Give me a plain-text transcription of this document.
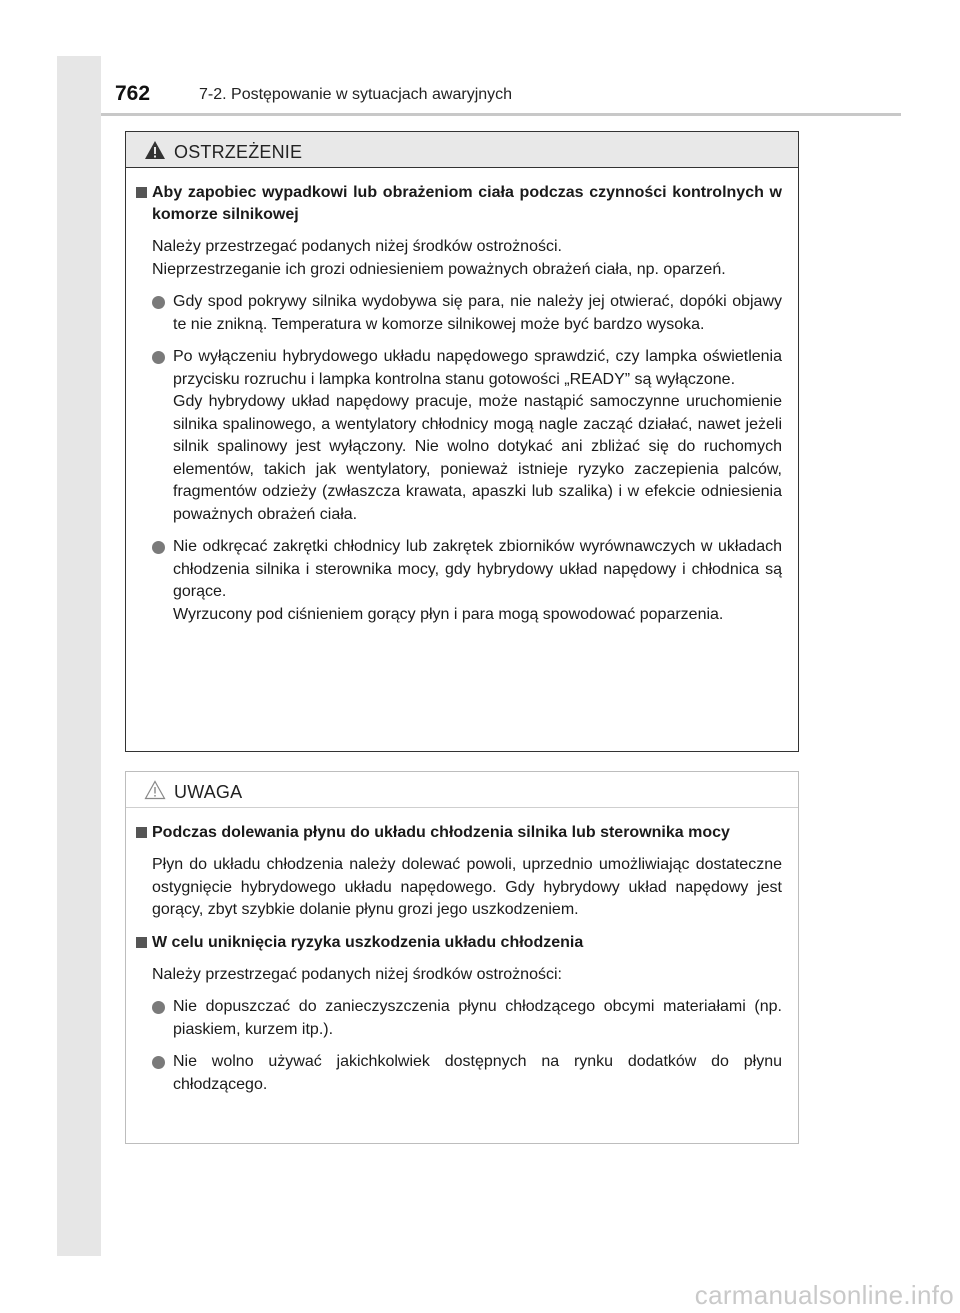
762	7-2. Postępowanie w sytuacjach awaryjnych
OSTRZEŻENIE
Aby zapobiec wypadkowi lub obrażeniom ciała podczas czynności kontrolnych w komorze silnikowej

Należy przestrzegać podanych niżej środków ostrożności.

Nieprzestrzeganie ich grozi odniesieniem poważnych obrażeń ciała, np. oparzeń.

Gdy spod pokrywy silnika wydobywa się para, nie należy jej otwierać, dopóki objawy te nie znikną. Temperatura w komorze silnikowej może być bardzo wysoka.

Po wyłączeniu hybrydowego układu napędowego sprawdzić, czy lampka oświetlenia przycisku rozruchu i lampka kontrolna stanu gotowości „READY” są wyłączone.

Gdy hybrydowy układ napędowy pracuje, może nastąpić samoczynne uruchomienie silnika spalinowego, a wentylatory chłodnicy mogą nagle zacząć działać, nawet jeżeli silnik spalinowy jest wyłączony. Nie wolno dotykać ani zbliżać się do ruchomych elementów, takich jak wentylatory, ponieważ istnieje ryzyko zaczepienia palców, fragmentów odzieży (zwłaszcza krawata, apaszki lub szalika) i w efekcie odniesienia poważnych obrażeń ciała.

Nie odkręcać zakrętki chłodnicy lub zakrętek zbiorników wyrównawczych w układach chłodzenia silnika i sterownika mocy, gdy hybrydowy układ napędowy i chłodnica są gorące.

Wyrzucony pod ciśnieniem gorący płyn i para mogą spowodować poparzenia.

UWAGA
Podczas dolewania płynu do układu chłodzenia silnika lub sterownika mocy

Płyn do układu chłodzenia należy dolewać powoli, uprzednio umożliwiając dostateczne ostygnięcie hybrydowego układu napędowego. Gdy hybrydowy układ napędowy jest gorący, zbyt szybkie dolanie płynu grozi jego uszkodzeniem.

W celu uniknięcia ryzyka uszkodzenia układu chłodzenia

Należy przestrzegać podanych niżej środków ostrożności:

Nie dopuszczać do zanieczyszczenia płynu chłodzącego obcymi materiałami (np. piaskiem, kurzem itp.).

Nie wolno używać jakichkolwiek dostępnych na rynku dodatków do płynu chłodzącego.

carmanualsonline.info
